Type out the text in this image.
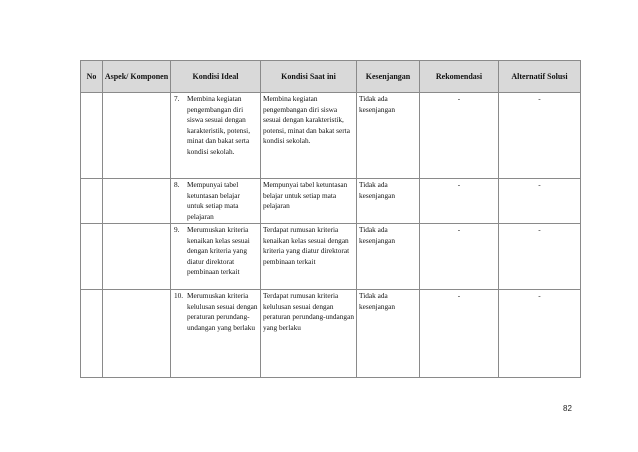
No	Aspek/ Komponen	Kondisi Ideal	Kondisi Saat ini	Kesenjangan	Rekomendasi	Alternatif Solusi

		7. Membina kegiatan pengembangan diri siswa sesuai dengan karakteristik, potensi, minat dan bakat serta kondisi sekolah.	Membina kegiatan pengembangan diri siswa sesuai dengan karakteristik, potensi, minat dan bakat serta kondisi sekolah.	Tidak ada kesenjangan	-	-

		8. Mempunyai tabel ketuntasan belajar untuk setiap mata pelajaran	Mempunyai tabel ketuntasan belajar untuk setiap mata pelajaran	Tidak ada kesenjangan	-	-

		9. Merumuskan kriteria kenaikan kelas sesuai dengan kriteria yang diatur direktorat pembinaan terkait	Terdapat rumusan kriteria kenaikan kelas sesuai dengan kriteria yang diatur direktorat pembinaan terkait	Tidak ada kesenjangan	-	-

		10. Merumuskan kriteria kelulusan sesuai dengan peraturan perundang-undangan yang berlaku	Terdapat rumusan kriteria kelulusan sesuai dengan peraturan perundang-undangan yang berlaku	Tidak ada kesenjangan	-	-
82
